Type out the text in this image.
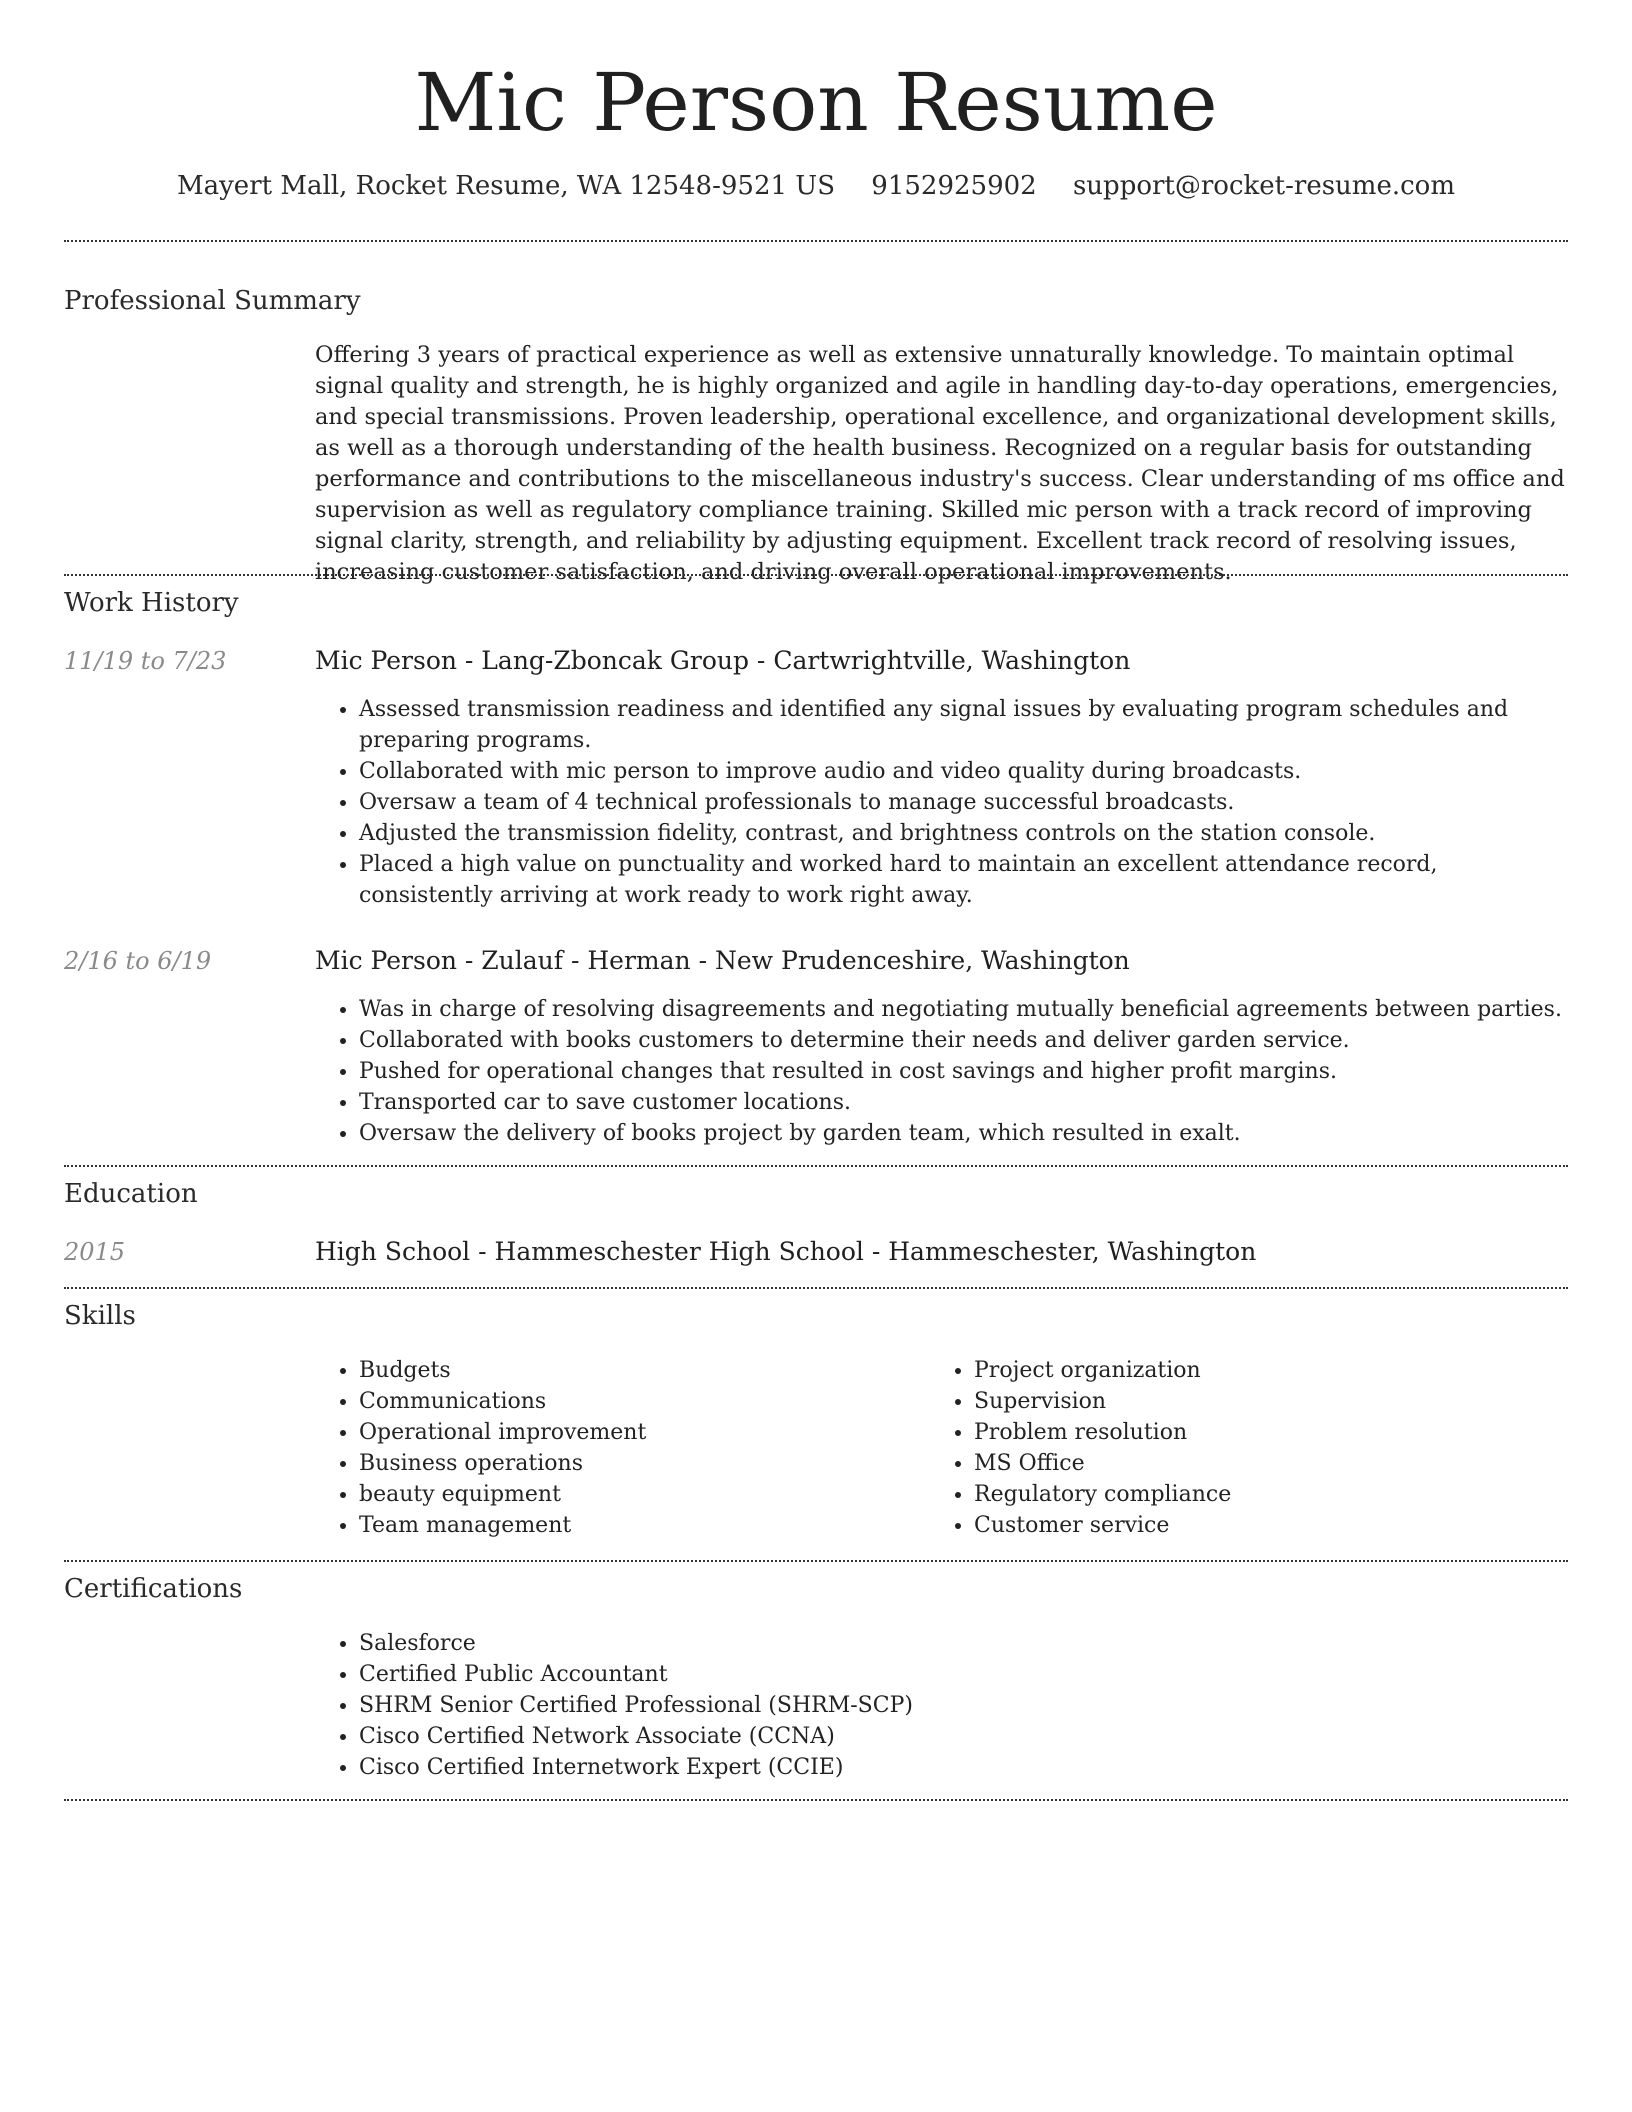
Mic Person Resume
Mayert Mall, Rocket Resume, WA 12548-9521 US 9152925902 support@rocket-resume.com
Professional Summary

Offering 3 years of practical experience as well as extensive unnaturally knowledge. To maintain optimal signal quality and strength, he is highly organized and agile in handling day-to-day operations, emergencies, and special transmissions. Proven leadership, operational excellence, and organizational development skills, as well as a thorough understanding of the health business. Recognized on a regular basis for outstanding performance and contributions to the miscellaneous industry's success. Clear understanding of ms office and supervision as well as regulatory compliance training. Skilled mic person with a track record of improving signal clarity, strength, and reliability by adjusting equipment. Excellent track record of resolving issues, increasing customer satisfaction, and driving overall operational improvements.

Work History
11/19 to 7/23	Mic Person - Lang-Zboncak Group - Cartwrightville, Washington
• Assessed transmission readiness and identified any signal issues by evaluating program schedules and preparing programs.
• Collaborated with mic person to improve audio and video quality during broadcasts.
• Oversaw a team of 4 technical professionals to manage successful broadcasts.
• Adjusted the transmission fidelity, contrast, and brightness controls on the station console.
• Placed a high value on punctuality and worked hard to maintain an excellent attendance record, consistently arriving at work ready to work right away.
2/16 to 6/19	Mic Person - Zulauf - Herman - New Prudenceshire, Washington
• Was in charge of resolving disagreements and negotiating mutually beneficial agreements between parties.
• Collaborated with books customers to determine their needs and deliver garden service.
• Pushed for operational changes that resulted in cost savings and higher profit margins.
• Transported car to save customer locations.
• Oversaw the delivery of books project by garden team, which resulted in exalt.
Education
2015	High School - Hammeschester High School - Hammeschester, Washington
Skills
• Budgets
• Communications
• Operational improvement
• Business operations
• beauty equipment
• Team management
• Project organization
• Supervision
• Problem resolution
• MS Office
• Regulatory compliance
• Customer service
Certifications
• Salesforce
• Certified Public Accountant
• SHRM Senior Certified Professional (SHRM-SCP)
• Cisco Certified Network Associate (CCNA)
• Cisco Certified Internetwork Expert (CCIE)
